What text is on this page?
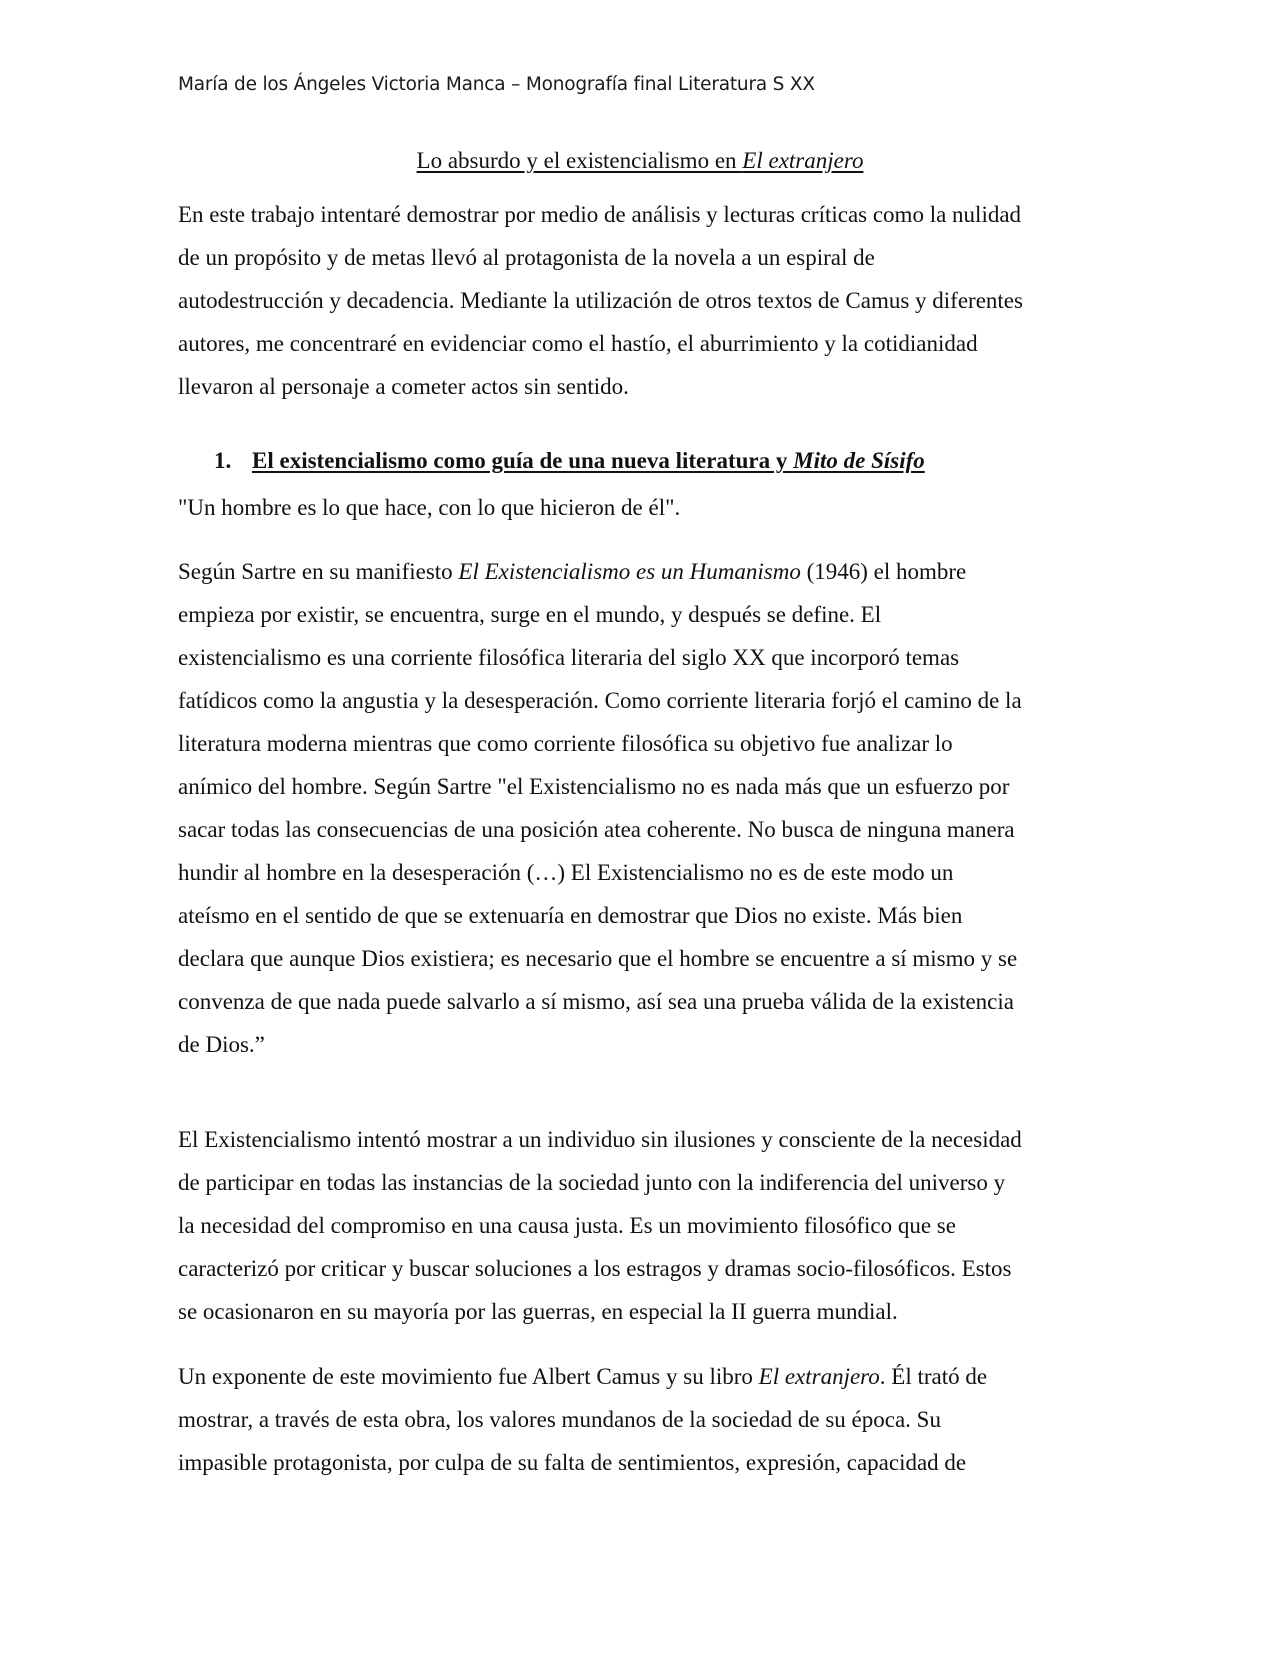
María de los Ángeles Victoria Manca – Monografía final Literatura S XX
Lo absurdo y el existencialismo en El extranjero
En este trabajo intentaré demostrar por medio de análisis y lecturas críticas como la nulidad
de un propósito y de metas llevó al protagonista de la novela a un espiral de
autodestrucción y decadencia. Mediante la utilización de otros textos de Camus y diferentes
autores, me concentraré en evidenciar como el hastío, el aburrimiento y la cotidianidad
llevaron al personaje a cometer actos sin sentido.
1. El existencialismo como guía de una nueva literatura y Mito de Sísifo
"Un hombre es lo que hace, con lo que hicieron de él".
Según Sartre en su manifiesto El Existencialismo es un Humanismo (1946) el hombre
empieza por existir, se encuentra, surge en el mundo, y después se define. El
existencialismo es una corriente filosófica literaria del siglo XX que incorporó temas
fatídicos como la angustia y la desesperación. Como corriente literaria forjó el camino de la
literatura moderna mientras que como corriente filosófica su objetivo fue analizar lo
anímico del hombre. Según Sartre "el Existencialismo no es nada más que un esfuerzo por
sacar todas las consecuencias de una posición atea coherente. No busca de ninguna manera
hundir al hombre en la desesperación (…) El Existencialismo no es de este modo un
ateísmo en el sentido de que se extenuaría en demostrar que Dios no existe. Más bien
declara que aunque Dios existiera; es necesario que el hombre se encuentre a sí mismo y se
convenza de que nada puede salvarlo a sí mismo, así sea una prueba válida de la existencia
de Dios.”
El Existencialismo intentó mostrar a un individuo sin ilusiones y consciente de la necesidad
de participar en todas las instancias de la sociedad junto con la indiferencia del universo y
la necesidad del compromiso en una causa justa. Es un movimiento filosófico que se
caracterizó por criticar y buscar soluciones a los estragos y dramas socio-filosóficos. Estos
se ocasionaron en su mayoría por las guerras, en especial la II guerra mundial.
Un exponente de este movimiento fue Albert Camus y su libro El extranjero. Él trató de
mostrar, a través de esta obra, los valores mundanos de la sociedad de su época. Su
impasible protagonista, por culpa de su falta de sentimientos, expresión, capacidad de
